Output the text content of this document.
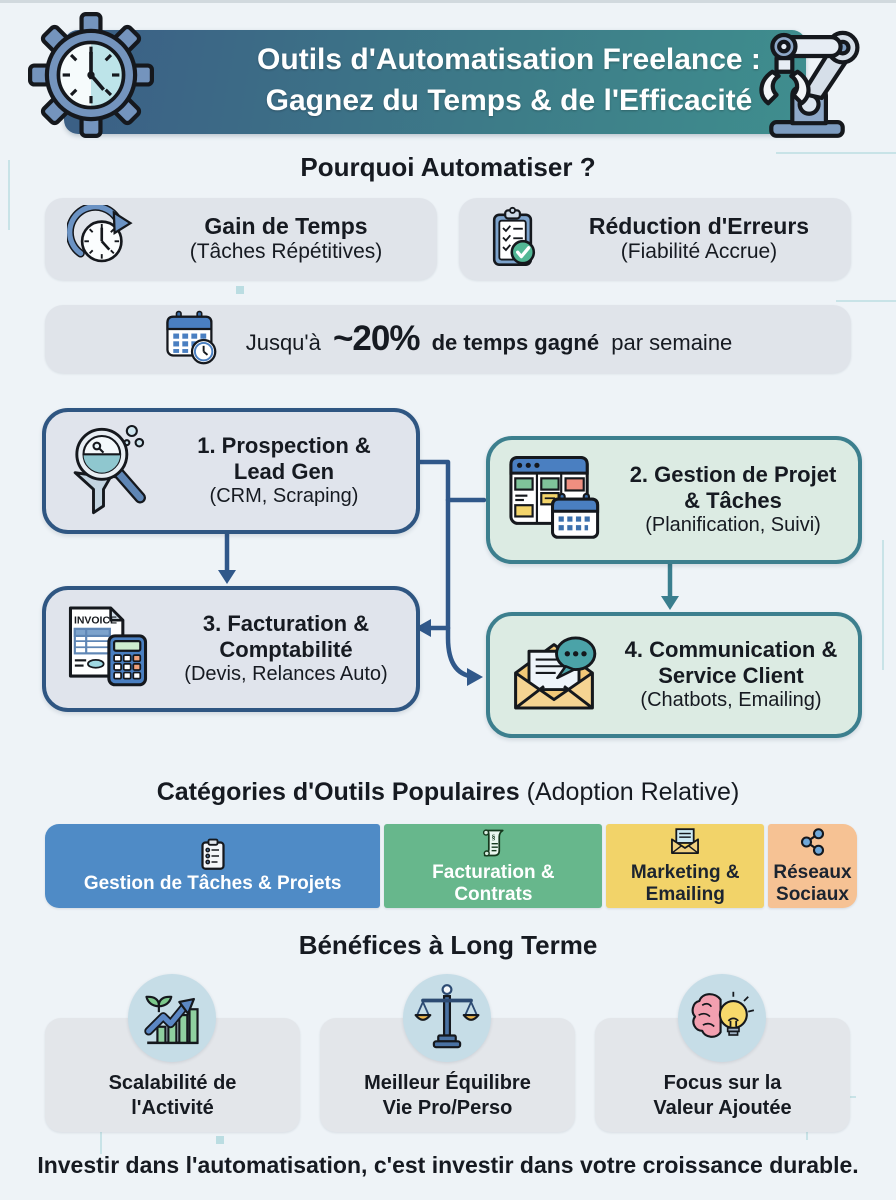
Outils d'Automatisation Freelance :
Gagnez du Temps & de l'Efficacité
Pourquoi Automatiser ?
Gain de Temps
(Tâches Répétitives)
Réduction d'Erreurs
(Fiabilité Accrue)
Jusqu'à ~20% de temps gagné par semaine
1. Prospection &
Lead Gen
(CRM, Scraping)
2. Gestion de Projet
& Tâches
(Planification, Suivi)
INVOICE	3. Facturation &
Comptabilité
(Devis, Relances Auto)
4. Communication &
Service Client
(Chatbots, Emailing)
Catégories d'Outils Populaires (Adoption Relative)
Gestion de Tâches & Projets
§
Facturation & Contrats
Marketing & Emailing
Réseaux Sociaux
Bénéfices à Long Terme
Scalabilité de
l'Activité
Meilleur Équilibre
Vie Pro/Perso
Focus sur la
Valeur Ajoutée
Investir dans l'automatisation, c'est investir dans votre croissance durable.
